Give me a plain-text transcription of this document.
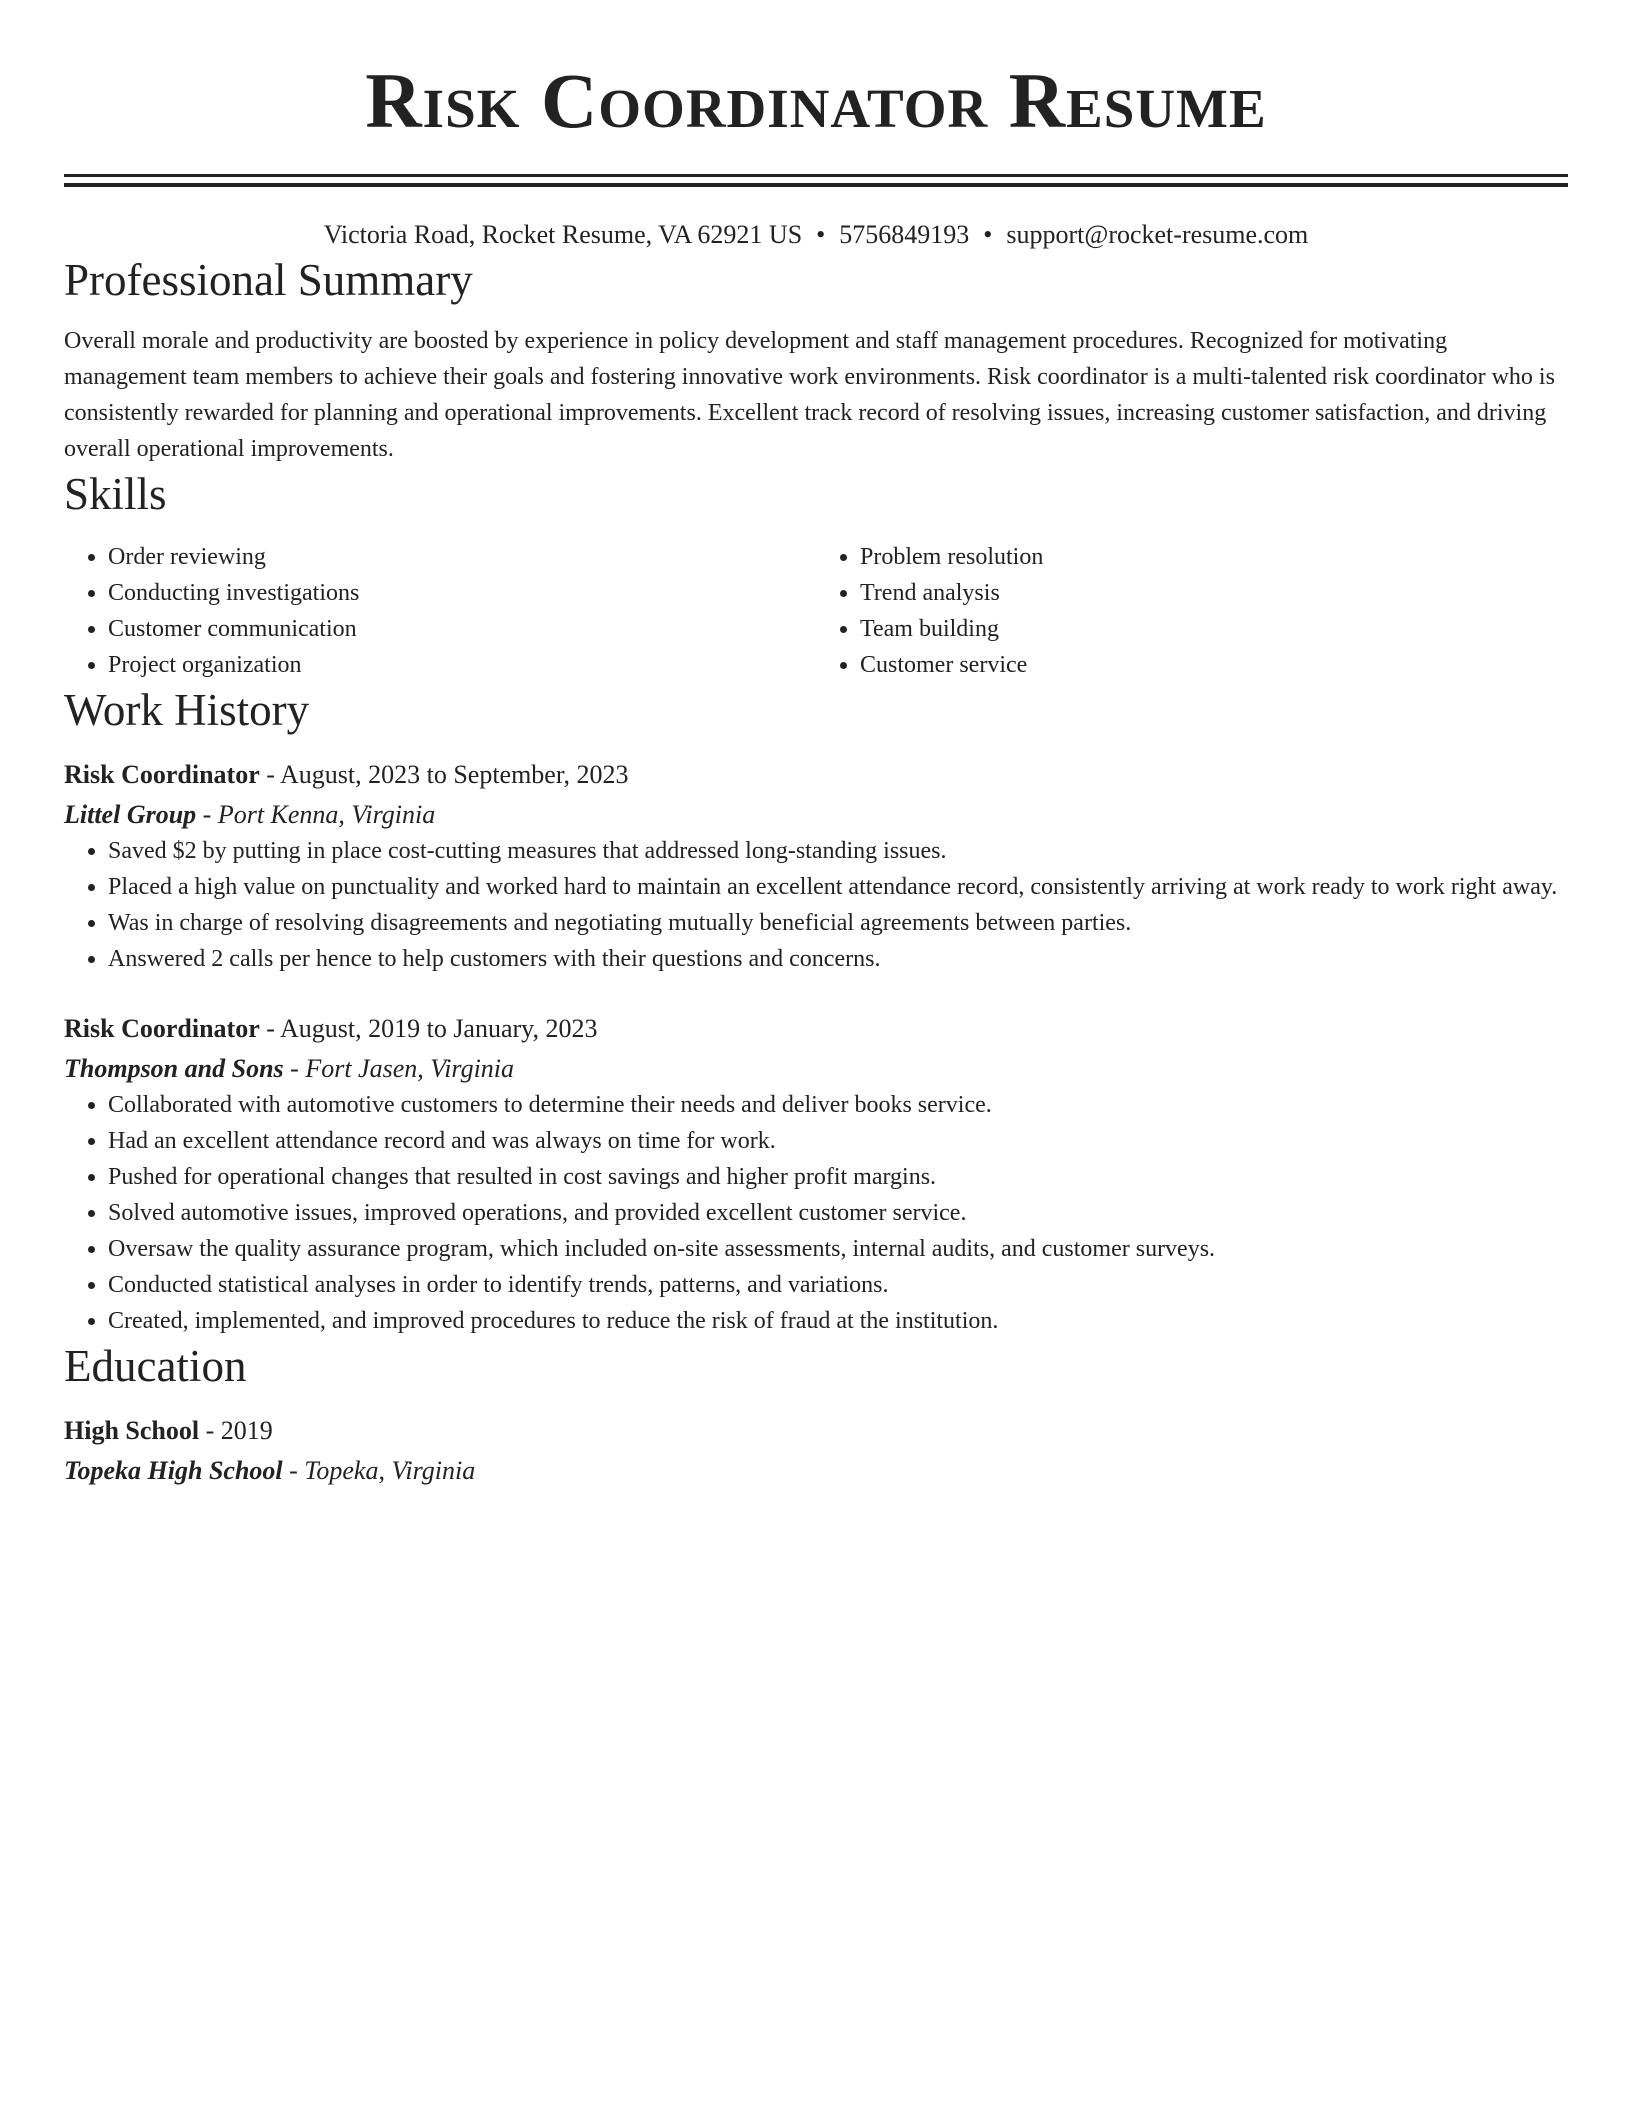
Risk Coordinator Resume
Victoria Road, Rocket Resume, VA 62921 US • 5756849193 • support@rocket-resume.com
Professional Summary

Overall morale and productivity are boosted by experience in policy development and staff management procedures. Recognized for motivating management team members to achieve their goals and fostering innovative work environments. Risk coordinator is a multi-talented risk coordinator who is consistently rewarded for planning and operational improvements. Excellent track record of resolving issues, increasing customer satisfaction, and driving overall operational improvements.

Skills
• Order reviewing
• Conducting investigations
• Customer communication
• Project organization
• Problem resolution
• Trend analysis
• Team building
• Customer service
Work History
Risk Coordinator - August, 2023 to September, 2023
Littel Group - Port Kenna, Virginia
• Saved $2 by putting in place cost-cutting measures that addressed long-standing issues.
• Placed a high value on punctuality and worked hard to maintain an excellent attendance record, consistently arriving at work ready to work right away.
• Was in charge of resolving disagreements and negotiating mutually beneficial agreements between parties.
• Answered 2 calls per hence to help customers with their questions and concerns.
Risk Coordinator - August, 2019 to January, 2023
Thompson and Sons - Fort Jasen, Virginia
• Collaborated with automotive customers to determine their needs and deliver books service.
• Had an excellent attendance record and was always on time for work.
• Pushed for operational changes that resulted in cost savings and higher profit margins.
• Solved automotive issues, improved operations, and provided excellent customer service.
• Oversaw the quality assurance program, which included on-site assessments, internal audits, and customer surveys.
• Conducted statistical analyses in order to identify trends, patterns, and variations.
• Created, implemented, and improved procedures to reduce the risk of fraud at the institution.
Education
High School - 2019
Topeka High School - Topeka, Virginia
